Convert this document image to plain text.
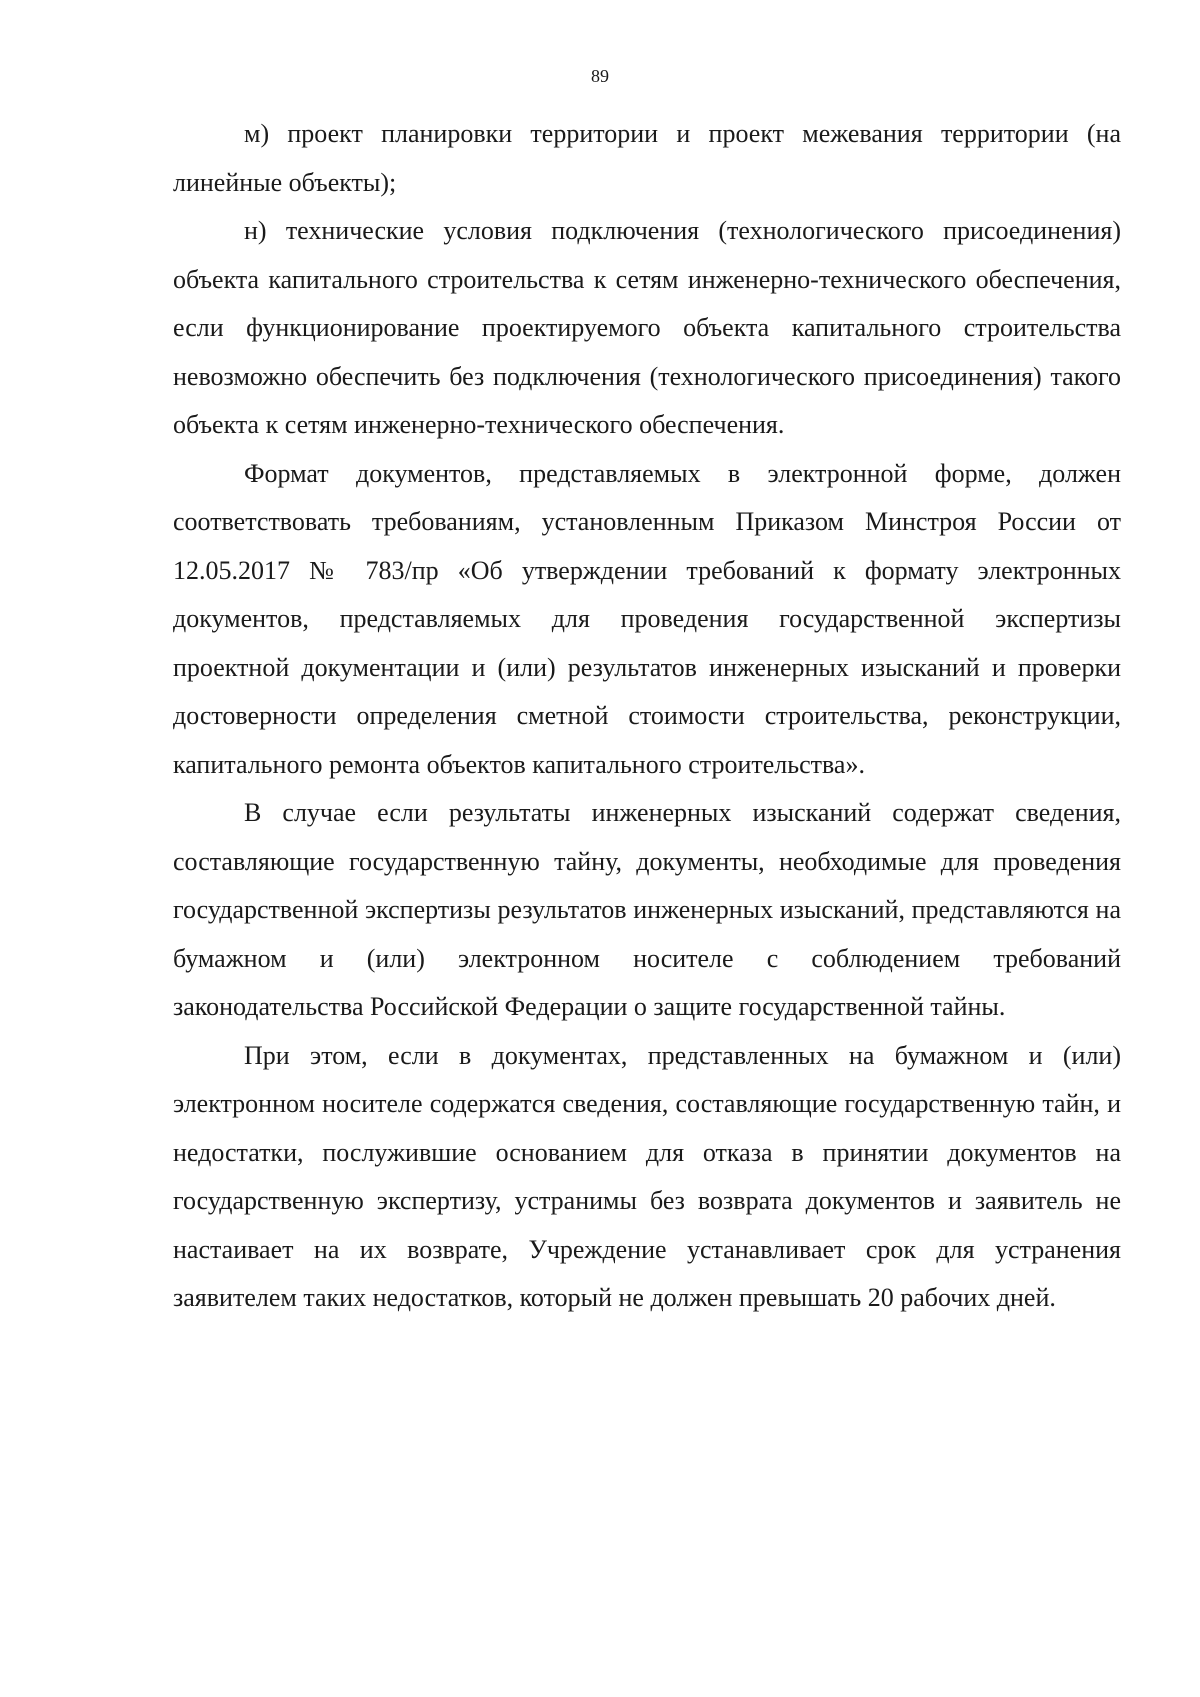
89

м) проект планировки территории и проект межевания территории (на линейные объекты);

н) технические условия подключения (технологического присоединения) объекта капитального строительства к сетям инженерно-технического обеспечения, если функционирование проектируемого объекта капитального строительства невозможно обеспечить без подключения (технологического присоединения) такого объекта к сетям инженерно-технического обеспечения.

Формат документов, представляемых в электронной форме, должен соответствовать требованиям, установленным Приказом Минстроя России от 12.05.2017 № 783/пр «Об утверждении требований к формату электронных документов, представляемых для проведения государственной экспертизы проектной документации и (или) результатов инженерных изысканий и проверки достоверности определения сметной стоимости строительства, реконструкции, капитального ремонта объектов капитального строительства».

В случае если результаты инженерных изысканий содержат сведения, составляющие государственную тайну, документы, необходимые для проведения государственной экспертизы результатов инженерных изысканий, представляются на бумажном и (или) электронном носителе с соблюдением требований законодательства Российской Федерации о защите государственной тайны.

При этом, если в документах, представленных на бумажном и (или) электронном носителе содержатся сведения, составляющие государственную тайн, и недостатки, послужившие основанием для отказа в принятии документов на государственную экспертизу, устранимы без возврата документов и заявитель не настаивает на их возврате, Учреждение устанавливает срок для устранения заявителем таких недостатков, который не должен превышать 20 рабочих дней.
